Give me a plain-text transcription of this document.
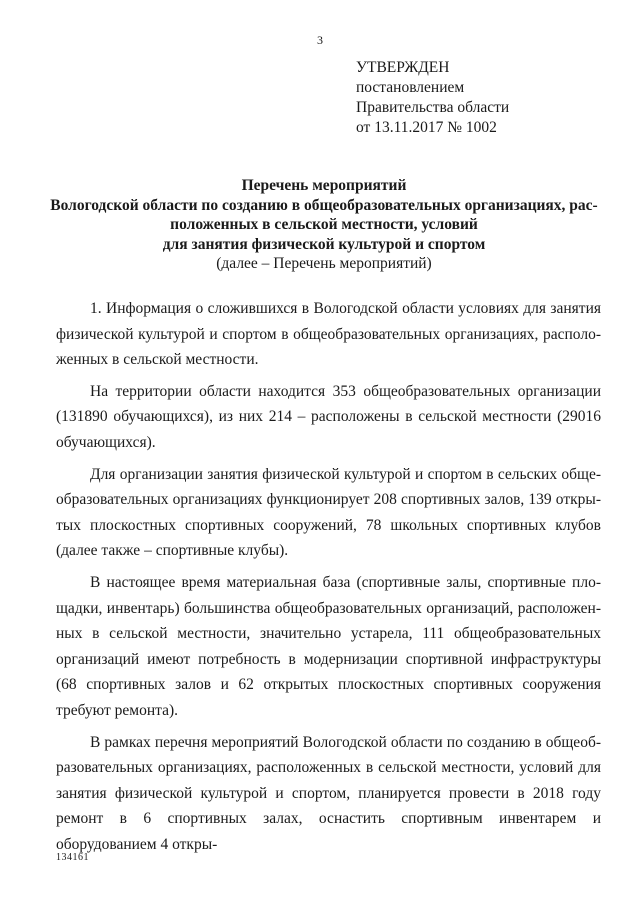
3
УТВЕРЖДЕН
постановлением
Правительства области
от 13.11.2017 № 1002
Перечень мероприятий
Вологодской области по созданию в общеобразовательных организациях, рас-
положенных в сельской местности, условий
для занятия физической культурой и спортом
(далее – Перечень мероприятий)

1. Информация о сложившихся в Вологодской области условиях для занятия физической культурой и спортом в общеобразовательных организациях, расположенных в сельской местности.

На территории области находится 353 общеобразовательных организации (131890 обучающихся), из них 214 – расположены в сельской местности (29016 обучающихся).

Для организации занятия физической культурой и спортом в сельских общеобразовательных организациях функционирует 208 спортивных залов, 139 открытых плоскостных спортивных сооружений, 78 школьных спортивных клубов (далее также – спортивные клубы).

В настоящее время материальная база (спортивные залы, спортивные площадки, инвентарь) большинства общеобразовательных организаций, расположенных в сельской местности, значительно устарела, 111 общеобразовательных организаций имеют потребность в модернизации спортивной инфраструктуры (68 спортивных залов и 62 открытых плоскостных спортивных сооружения требуют ремонта).

В рамках перечня мероприятий Вологодской области по созданию в общеобразовательных организациях, расположенных в сельской местности, условий для занятия физической культурой и спортом, планируется провести в 2018 году ремонт в 6 спортивных залах, оснастить спортивным инвентарем и оборудованием 4 откры-

134161
